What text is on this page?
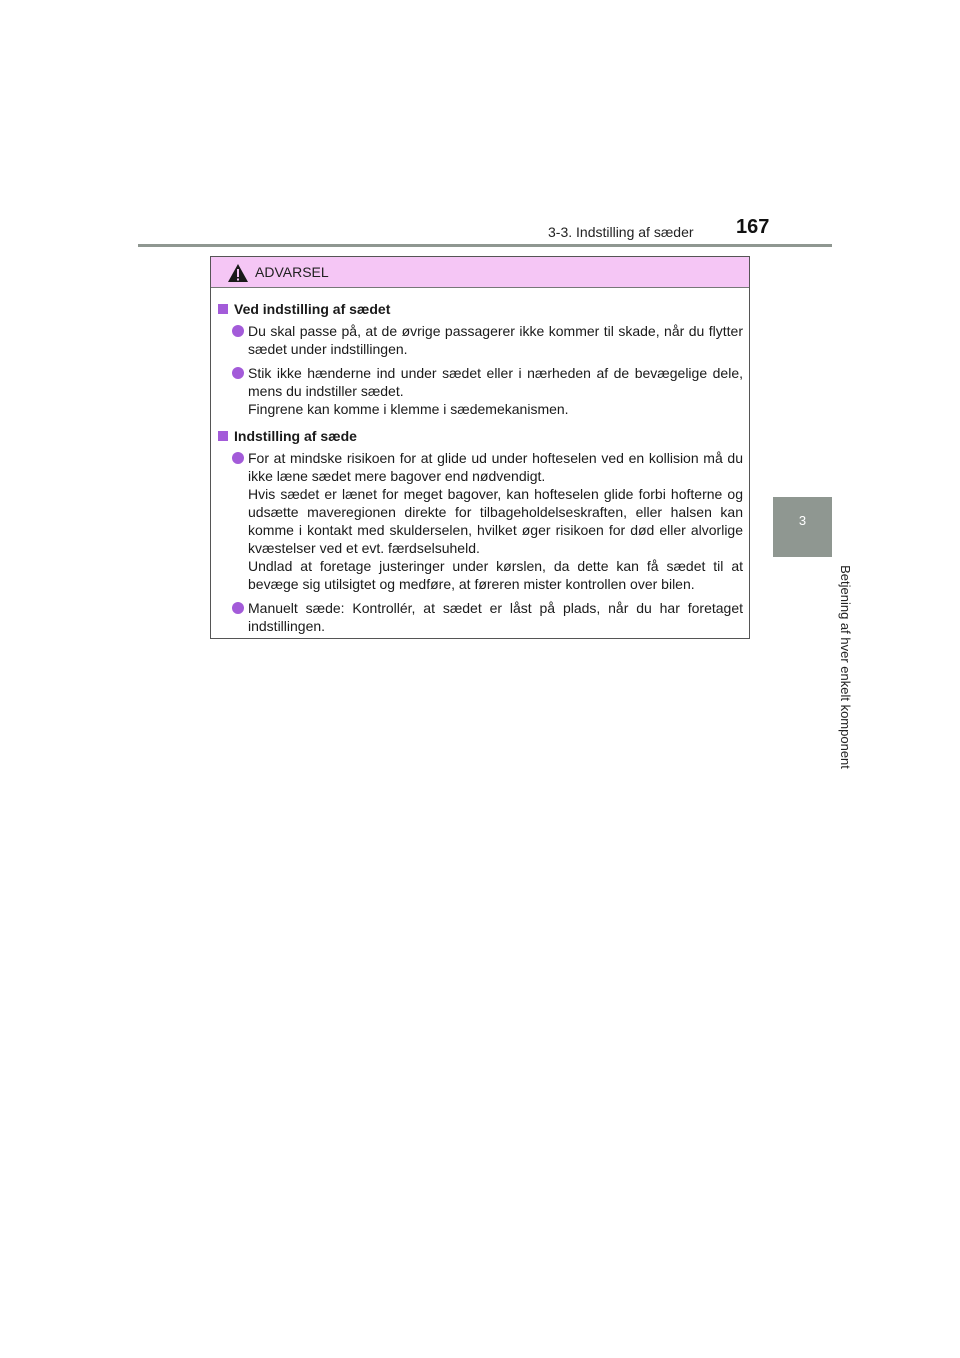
3-3. Indstilling af sæder 167
3
Betjening af hver enkelt komponent
ADVARSEL
Ved indstilling af sædet

Du skal passe på, at de øvrige passagerer ikke kommer til skade, når du flytter sædet under indstillingen.

Stik ikke hænderne ind under sædet eller i nærheden af de bevægelige dele, mens du indstiller sædet.

Fingrene kan komme i klemme i sædemekanismen.

Indstilling af sæde

For at mindske risikoen for at glide ud under hofteselen ved en kollision må du ikke læne sædet mere bagover end nødvendigt.

Hvis sædet er lænet for meget bagover, kan hofteselen glide forbi hofterne og udsætte maveregionen direkte for tilbageholdelseskraften, eller halsen kan komme i kontakt med skulderselen, hvilket øger risikoen for død eller alvorlige kvæstelser ved et evt. færdselsuheld.

Undlad at foretage justeringer under kørslen, da dette kan få sædet til at bevæge sig utilsigtet og medføre, at føreren mister kontrollen over bilen.

Manuelt sæde: Kontrollér, at sædet er låst på plads, når du har foretaget indstillingen.
